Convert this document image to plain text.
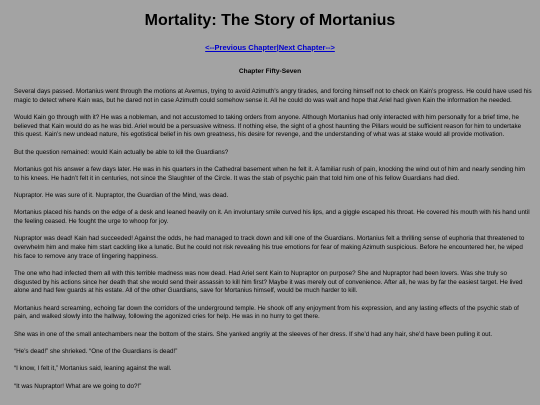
Mortality: The Story of Mortanius
<--Previous Chapter|Next Chapter-->
Chapter Fifty-Seven

Several days passed. Mortanius went through the motions at Avernus, trying to avoid Azimuth’s angry tirades, and forcing himself not to check on Kain’s progress. He could have used his magic to detect where Kain was, but he dared not in case Azimuth could somehow sense it. All he could do was wait and hope that Ariel had given Kain the information he needed.

Would Kain go through with it? He was a nobleman, and not accustomed to taking orders from anyone. Although Mortanius had only interacted with him personally for a brief time, he believed that Kain would do as he was bid. Ariel would be a persuasive witness. If nothing else, the sight of a ghost haunting the Pillars would be sufficient reason for him to undertake this quest. Kain’s new undead nature, his egotistical belief in his own greatness, his desire for revenge, and the understanding of what was at stake would all provide motivation.

But the question remained: would Kain actually be able to kill the Guardians?

Mortanius got his answer a few days later. He was in his quarters in the Cathedral basement when he felt it. A familiar rush of pain, knocking the wind out of him and nearly sending him to his knees. He hadn’t felt it in centuries, not since the Slaughter of the Circle. It was the stab of psychic pain that told him one of his fellow Guardians had died.

Nupraptor. He was sure of it. Nupraptor, the Guardian of the Mind, was dead.

Mortanius placed his hands on the edge of a desk and leaned heavily on it. An involuntary smile curved his lips, and a giggle escaped his throat. He covered his mouth with his hand until the feeling ceased. He fought the urge to whoop for joy.

Nupraptor was dead! Kain had succeeded! Against the odds, he had managed to track down and kill one of the Guardians. Mortanius felt a thrilling sense of euphoria that threatened to overwhelm him and make him start cackling like a lunatic. But he could not risk revealing his true emotions for fear of making Azimuth suspicious. Before he encountered her, he wiped his face to remove any trace of lingering happiness.

The one who had infected them all with this terrible madness was now dead. Had Ariel sent Kain to Nupraptor on purpose? She and Nupraptor had been lovers. Was she truly so disgusted by his actions since her death that she would send their assassin to kill him first? Maybe it was merely out of convenience. After all, he was by far the easiest target. He lived alone and had few guards at his estate. All of the other Guardians, save for Mortanius himself, would be much harder to kill.

Mortanius heard screaming, echoing far down the corridors of the underground temple. He shook off any enjoyment from his expression, and any lasting effects of the psychic stab of pain, and walked slowly into the hallway, following the agonized cries for help. He was in no hurry to get there.

She was in one of the small antechambers near the bottom of the stairs. She yanked angrily at the sleeves of her dress. If she’d had any hair, she’d have been pulling it out.

“He’s dead!” she shrieked. “One of the Guardians is dead!”

“I know, I felt it,” Mortanius said, leaning against the wall.

“It was Nupraptor! What are we going to do?!”
